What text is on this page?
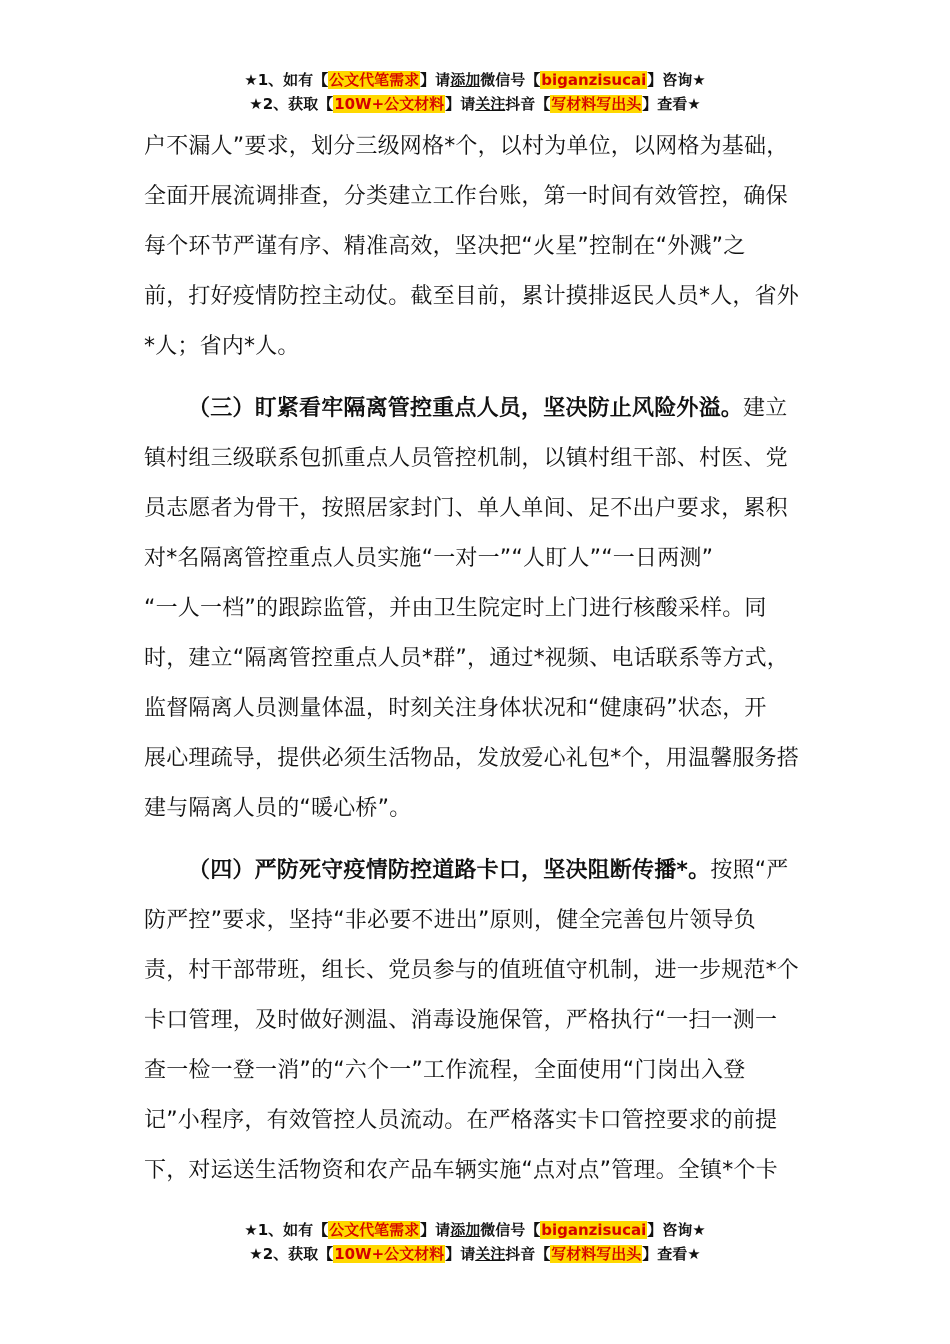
★1、如有【公文代笔需求】请添加微信号【biganzisucai】咨询★
★2、获取【10W+公文材料】请关注抖音【写材料写出头】查看★

户不漏人”要求，划分三级网格*个，以村为单位，以网格为基础，
全面开展流调排查，分类建立工作台账，第一时间有效管控，确保
每个环节严谨有序、精准高效，坚决把“火星”控制在“外溅”之
前，打好疫情防控主动仗。截至目前，累计摸排返民人员*人，省外
*人；省内*人。

（三）盯紧看牢隔离管控重点人员，坚决防止风险外溢。建立
镇村组三级联系包抓重点人员管控机制，以镇村组干部、村医、党
员志愿者为骨干，按照居家封门、单人单间、足不出户要求，累积
对*名隔离管控重点人员实施“一对一”“人盯人”“一日两测”
“一人一档”的跟踪监管，并由卫生院定时上门进行核酸采样。同
时，建立“隔离管控重点人员*群”，通过*视频、电话联系等方式，
监督隔离人员测量体温，时刻关注身体状况和“健康码”状态，开
展心理疏导，提供必须生活物品，发放爱心礼包*个，用温馨服务搭
建与隔离人员的“暖心桥”。

（四）严防死守疫情防控道路卡口，坚决阻断传播*。按照“严
防严控”要求，坚持“非必要不进出”原则，健全完善包片领导负
责，村干部带班，组长、党员参与的值班值守机制，进一步规范*个
卡口管理，及时做好测温、消毒设施保管，严格执行“一扫一测一
查一检一登一消”的“六个一”工作流程，全面使用“门岗出入登
记”小程序，有效管控人员流动。在严格落实卡口管控要求的前提
下，对运送生活物资和农产品车辆实施“点对点”管理。全镇*个卡

★1、如有【公文代笔需求】请添加微信号【biganzisucai】咨询★
★2、获取【10W+公文材料】请关注抖音【写材料写出头】查看★
